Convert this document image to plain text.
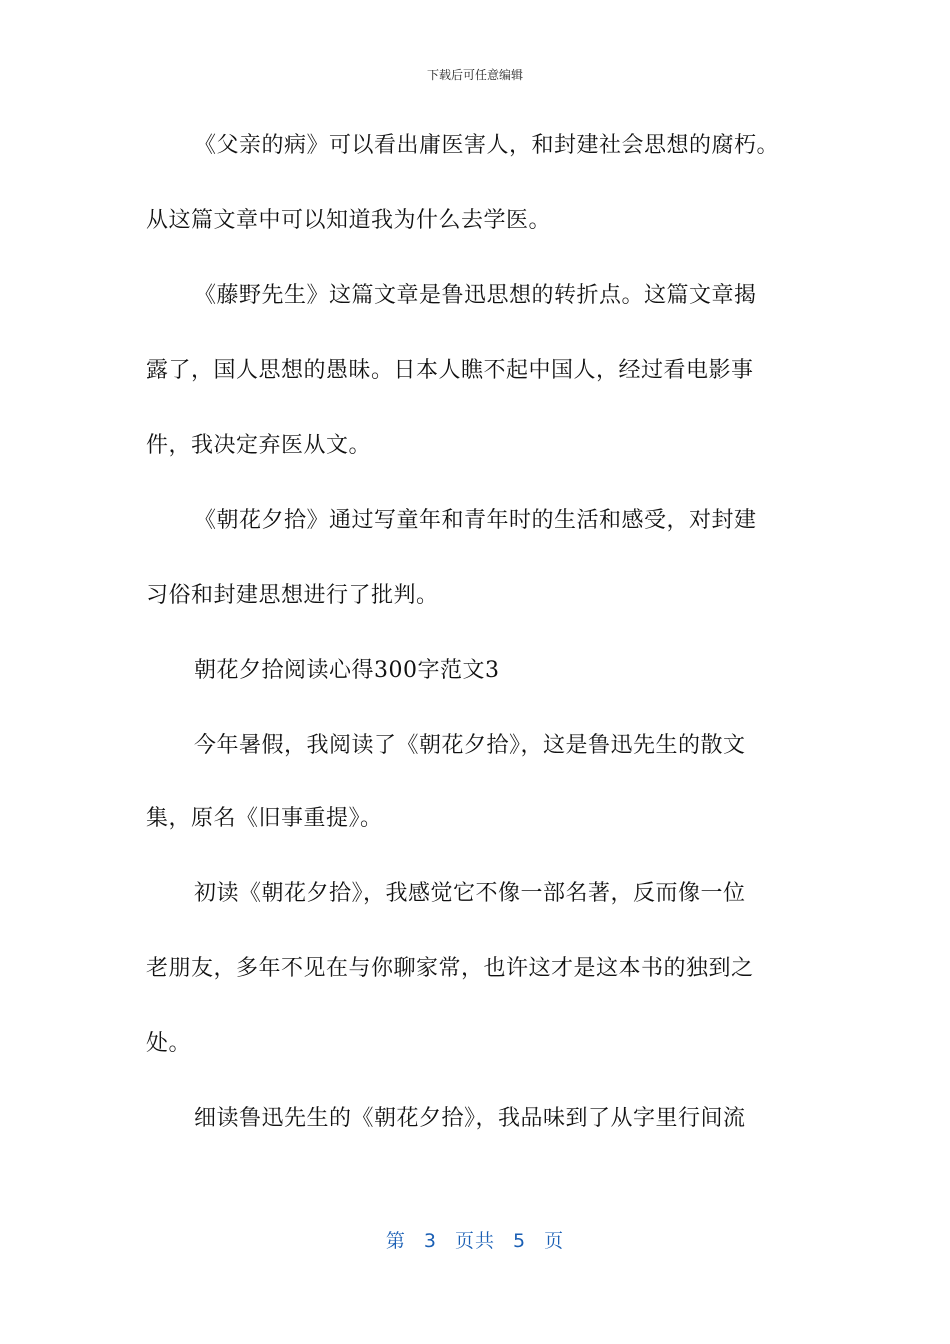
下载后可任意编辑
《父亲的病》可以看出庸医害人，和封建社会思想的腐朽。
从这篇文章中可以知道我为什么去学医。
《藤野先生》这篇文章是鲁迅思想的转折点。这篇文章揭
露了，国人思想的愚昧。日本人瞧不起中国人，经过看电影事
件，我决定弃医从文。
《朝花夕拾》通过写童年和青年时的生活和感受，对封建
习俗和封建思想进行了批判。
朝花夕拾阅读心得300字范文3
今年暑假，我阅读了《朝花夕拾》，这是鲁迅先生的散文
集，原名《旧事重提》。
初读《朝花夕拾》，我感觉它不像一部名著，反而像一位
老朋友，多年不见在与你聊家常，也许这才是这本书的独到之
处。
细读鲁迅先生的《朝花夕拾》，我品味到了从字里行间流
第 3 页共 5 页
